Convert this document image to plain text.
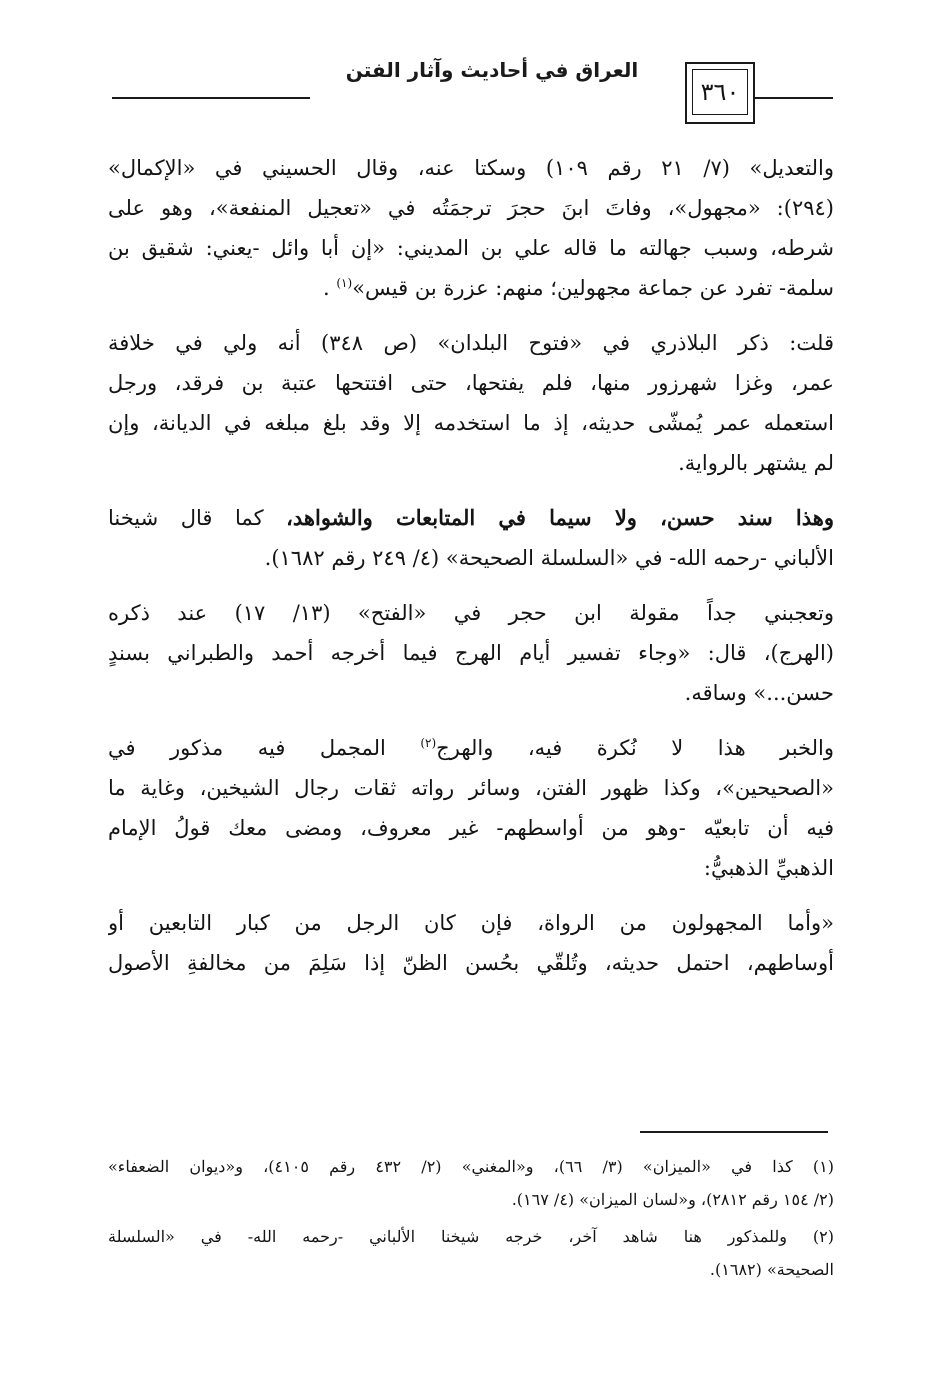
العراق في أحاديث وآثار الفتن
٣٦٠
والتعديل» (٧/ ٢١ رقم ١٠٩) وسكتا عنه، وقال الحسيني في «الإكمال»
(٢٩٤): «مجهول»، وفاتَ ابنَ حجرَ ترجمَتُه في «تعجيل المنفعة»، وهو على
شرطه، وسبب جهالته ما قاله علي بن المديني: «إن أبا وائل -يعني: شقيق بن
سلمة- تفرد عن جماعة مجهولين؛ منهم: عزرة بن قيس»$^{(١)}$ .
قلت: ذكر البلاذري في «فتوح البلدان» (ص ٣٤٨) أنه ولي في خلافة
عمر، وغزا شهرزور منها، فلم يفتحها، حتى افتتحها عتبة بن فرقد، ورجل
استعمله عمر يُمشّى حديثه، إذ ما استخدمه إلا وقد بلغ مبلغه في الديانة، وإن
لم يشتهر بالرواية.
وهذا سند حسن، ولا سيما في المتابعات والشواهد، كما قال شيخنا
الألباني -رحمه الله- في «السلسلة الصحيحة» (٤/ ٢٤٩ رقم ١٦٨٢).
وتعجبني جداً مقولة ابن حجر في «الفتح» (١٣/ ١٧) عند ذكره
(الهرج)، قال: «وجاء تفسير أيام الهرج فيما أخرجه أحمد والطبراني بسندٍ
حسن...» وساقه.
والخبر هذا لا نُكرة فيه، والهرج$^{(٢)}$ المجمل فيه مذكور في
«الصحيحين»، وكذا ظهور الفتن، وسائر رواته ثقات رجال الشيخين، وغاية ما
فيه أن تابعيّه -وهو من أواسطهم- غير معروف، ومضى معك قولُ الإمام
الذهبيِّ الذهبيُّ:
«وأما المجهولون من الرواة، فإن كان الرجل من كبار التابعين أو
أوساطهم، احتمل حديثه، وتُلقّي بحُسن الظنّ إذا سَلِمَ من مخالفةِ الأصول
(١) كذا في «الميزان» (٣/ ٦٦)، و«المغني» (٢/ ٤٣٢ رقم ٤١٠٥)، و«ديوان الضعفاء»
(٢/ ١٥٤ رقم ٢٨١٢)، و«لسان الميزان» (٤/ ١٦٧).
(٢) وللمذكور هنا شاهد آخر، خرجه شيخنا الألباني -رحمه الله- في «السلسلة
الصحيحة» (١٦٨٢).
